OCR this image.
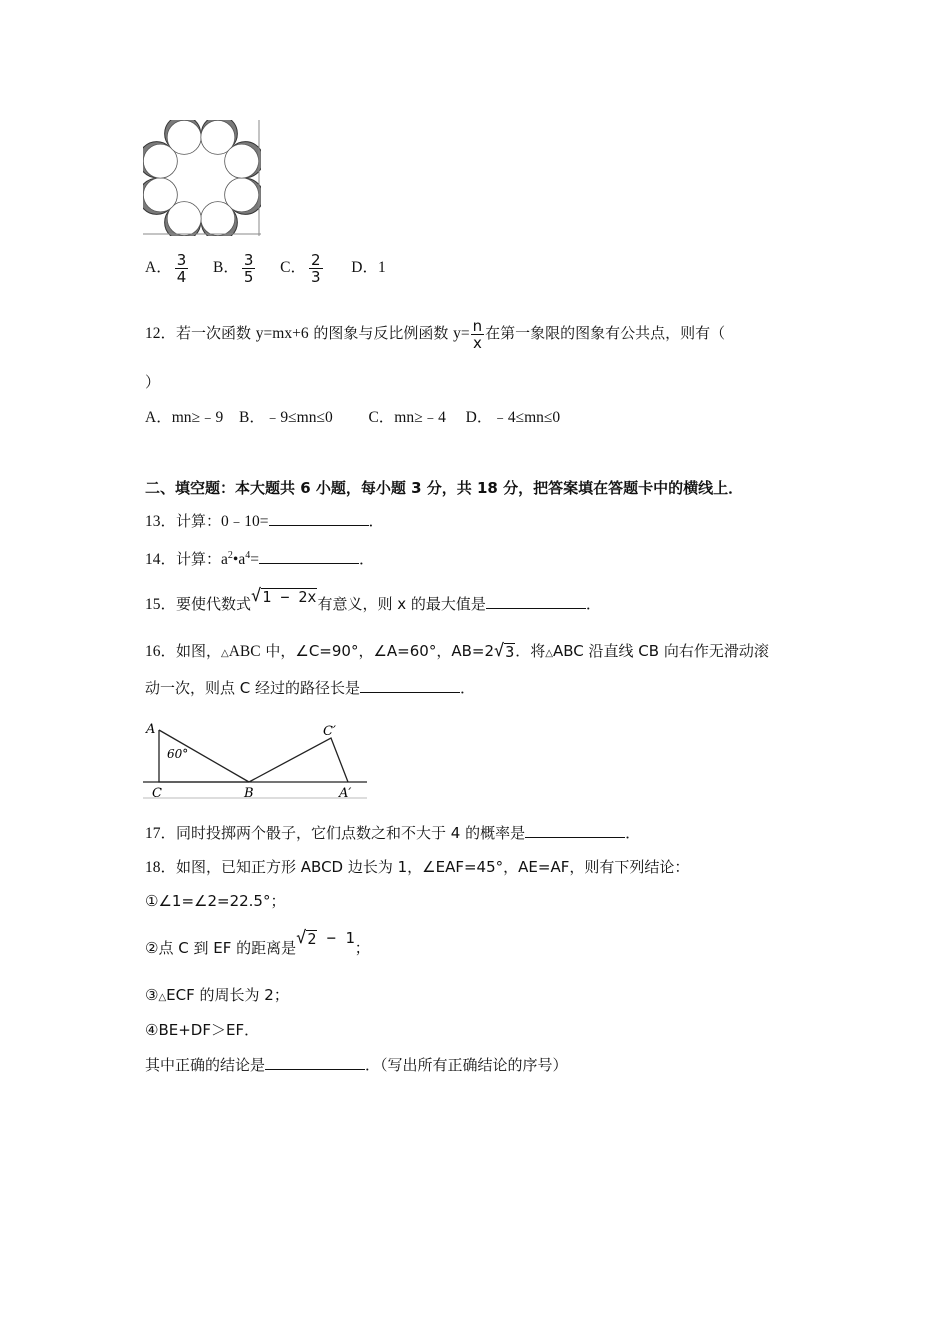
A． $\frac{3}{4}$ B． $\frac{3}{5}$ C． $\frac{2}{3}$ D．1
12．若一次函数 y=mx+6 的图象与反比例函数 $y= \frac{n}{x}$ 在第一象限的图象有公共点，则有（
）
A．mn≥﹣9 B．﹣9≤mn≤0 C．mn≥﹣4 D．﹣4≤mn≤0
二、填空题：本大题共 6 小题，每小题 3 分，共 18 分，把答案填在答题卡中的横线上．
13．计算：0﹣10=	．
14．计算：$a^2•a^4=$	．
15．要使代数式 √ 1 − 2x 有意义，则 x 的最大值是	．
16．如图，△ABC 中，∠C=90°，∠A=60°，AB=2 √ 3 ．将△ABC 沿直线 CB 向右作无滑动滚
动一次，则点 C 经过的路径长是	．
A
60°
C	B
C′
A′
17．同时投掷两个骰子，它们点数之和不大于 4 的概率是	．
18．如图，已知正方形 ABCD 边长为 1，∠EAF=45°，AE=AF，则有下列结论：
①∠1=∠2=22.5°；
②点 C 到 EF 的距离是 √ 2 − 1；
③△ECF 的周长为 2；
④BE+DF＞EF．
其中正确的结论是	．（写出所有正确结论的序号）
